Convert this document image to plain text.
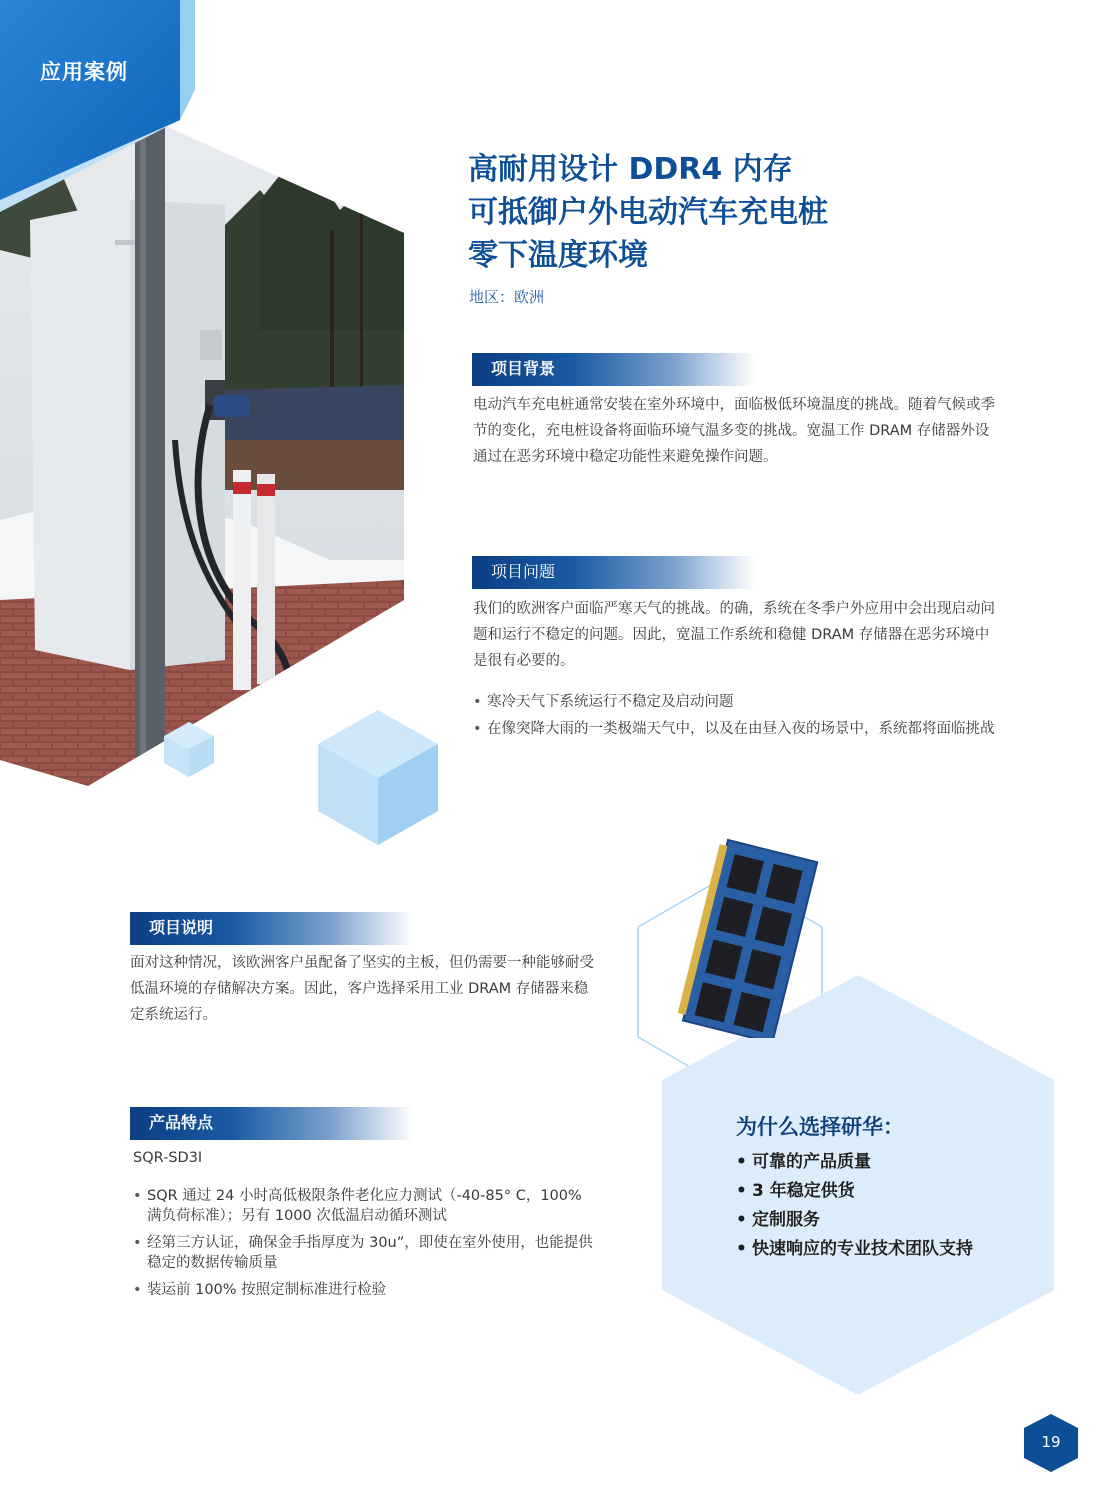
应用案例
高耐用设计 DDR4 内存
可抵御户外电动汽车充电桩
零下温度环境
地区：欧洲
项目背景
电动汽车充电桩通常安装在室外环境中，面临极低环境温度的挑战。随着气候或季节的变化，充电桩设备将面临环境气温多变的挑战。宽温工作 DRAM 存储器外设通过在恶劣环境中稳定功能性来避免操作问题。
项目问题
我们的欧洲客户面临严寒天气的挑战。的确，系统在冬季户外应用中会出现启动问题和运行不稳定的问题。因此，宽温工作系统和稳健 DRAM 存储器在恶劣环境中是很有必要的。
• 寒冷天气下系统运行不稳定及启动问题
• 在像突降大雨的一类极端天气中，以及在由昼入夜的场景中，系统都将面临挑战
项目说明
面对这种情况，该欧洲客户虽配备了坚实的主板，但仍需要一种能够耐受低温环境的存储解决方案。因此，客户选择采用工业 DRAM 存储器来稳定系统运行。
产品特点
SQR-SD3I
• SQR 通过 24 小时高低极限条件老化应力测试（-40-85° C，100% 满负荷标准）；另有 1000 次低温启动循环测试
• 经第三方认证，确保金手指厚度为 30u”，即使在室外使用，也能提供稳定的数据传输质量
• 装运前 100% 按照定制标准进行检验
为什么选择研华：
• 可靠的产品质量
• 3 年稳定供货
• 定制服务
• 快速响应的专业技术团队支持
19
